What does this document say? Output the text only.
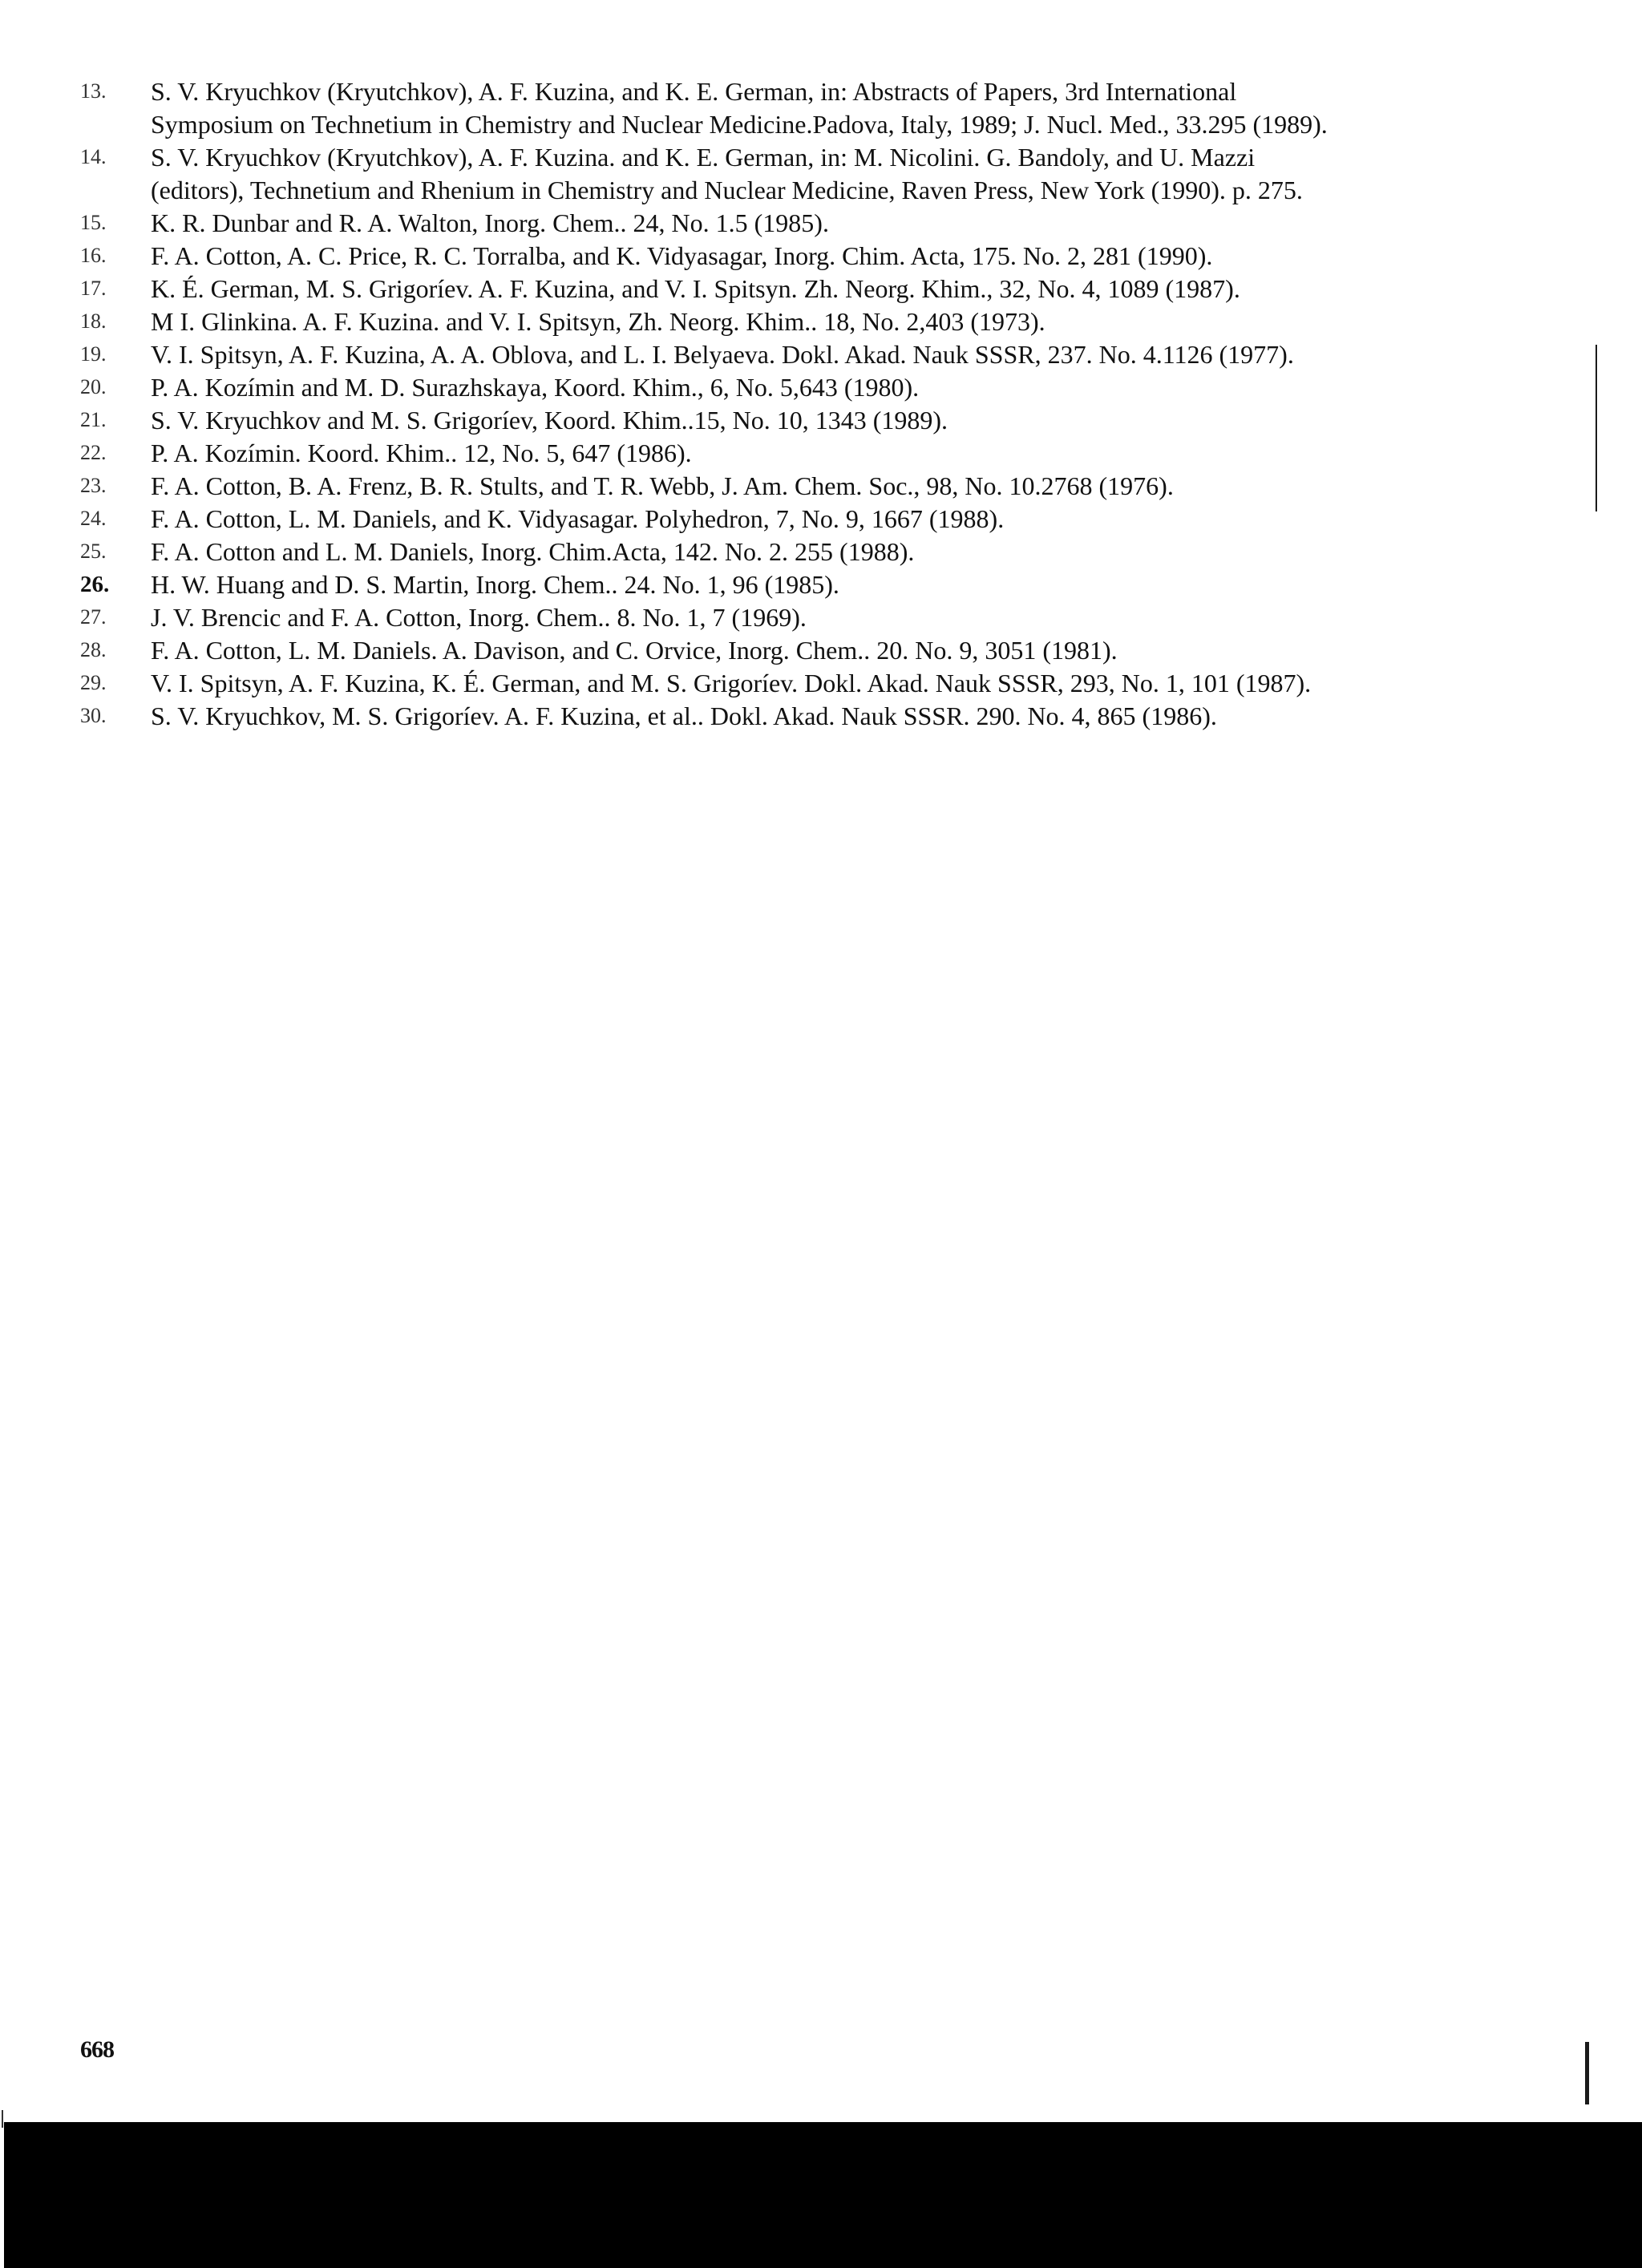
13.	S. V. Kryuchkov (Kryutchkov), A. F. Kuzina, and K. E. German, in: Abstracts of Papers, 3rd International
Symposium on Technetium in Chemistry and Nuclear Medicine.Padova, Italy, 1989; J. Nucl. Med., 33.295 (1989).
14.	S. V. Kryuchkov (Kryutchkov), A. F. Kuzina. and K. E. German, in: M. Nicolini. G. Bandoly, and U. Mazzi
(editors), Technetium and Rhenium in Chemistry and Nuclear Medicine, Raven Press, New York (1990). p. 275.
15.	K. R. Dunbar and R. A. Walton, Inorg. Chem.. 24, No. 1.5 (1985).
16.	F. A. Cotton, A. C. Price, R. C. Torralba, and K. Vidyasagar, Inorg. Chim. Acta, 175. No. 2, 281 (1990).
17.	K. É. German, M. S. Grigoríev. A. F. Kuzina, and V. I. Spitsyn. Zh. Neorg. Khim., 32, No. 4, 1089 (1987).
18.	M I. Glinkina. A. F. Kuzina. and V. I. Spitsyn, Zh. Neorg. Khim.. 18, No. 2,403 (1973).
19.	V. I. Spitsyn, A. F. Kuzina, A. A. Oblova, and L. I. Belyaeva. Dokl. Akad. Nauk SSSR, 237. No. 4.1126 (1977).
20.	P. A. Kozímin and M. D. Surazhskaya, Koord. Khim., 6, No. 5,643 (1980).
21.	S. V. Kryuchkov and M. S. Grigoríev, Koord. Khim..15, No. 10, 1343 (1989).
22.	P. A. Kozímin. Koord. Khim.. 12, No. 5, 647 (1986).
23.	F. A. Cotton, B. A. Frenz, B. R. Stults, and T. R. Webb, J. Am. Chem. Soc., 98, No. 10.2768 (1976).
24.	F. A. Cotton, L. M. Daniels, and K. Vidyasagar. Polyhedron, 7, No. 9, 1667 (1988).
25.	F. A. Cotton and L. M. Daniels, Inorg. Chim.Acta, 142. No. 2. 255 (1988).
26.	H. W. Huang and D. S. Martin, Inorg. Chem.. 24. No. 1, 96 (1985).
27.	J. V. Brencic and F. A. Cotton, Inorg. Chem.. 8. No. 1, 7 (1969).
28.	F. A. Cotton, L. M. Daniels. A. Davison, and C. Orvice, Inorg. Chem.. 20. No. 9, 3051 (1981).
29.	V. I. Spitsyn, A. F. Kuzina, K. É. German, and M. S. Grigoríev. Dokl. Akad. Nauk SSSR, 293, No. 1, 101 (1987).
30.	S. V. Kryuchkov, M. S. Grigoríev. A. F. Kuzina, et al.. Dokl. Akad. Nauk SSSR. 290. No. 4, 865 (1986).
668
